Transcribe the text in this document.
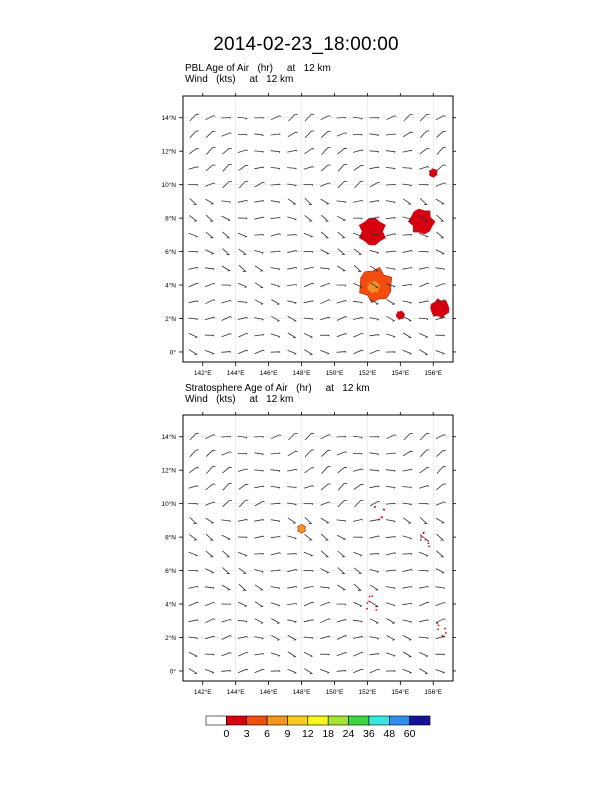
2014-02-23_18:00:00
PBL Age of Air   (hr)     at   12 km
Wind   (kts)     at   12 km
Stratosphere Age of Air   (hr)     at   12 km
Wind   (kts)     at   12 km
142°E 144°E 146°E 148°E 150°E 152°E 154°E 156°E
0°
2°N
4°N
6°N
8°N
10°N
12°N
14°N
142°E 144°E 146°E 148°E 150°E 152°E 154°E 156°E
0°
2°N
4°N
6°N
8°N
10°N
12°N
14°N
0 3 6 9 12 18 24 36 48 60
